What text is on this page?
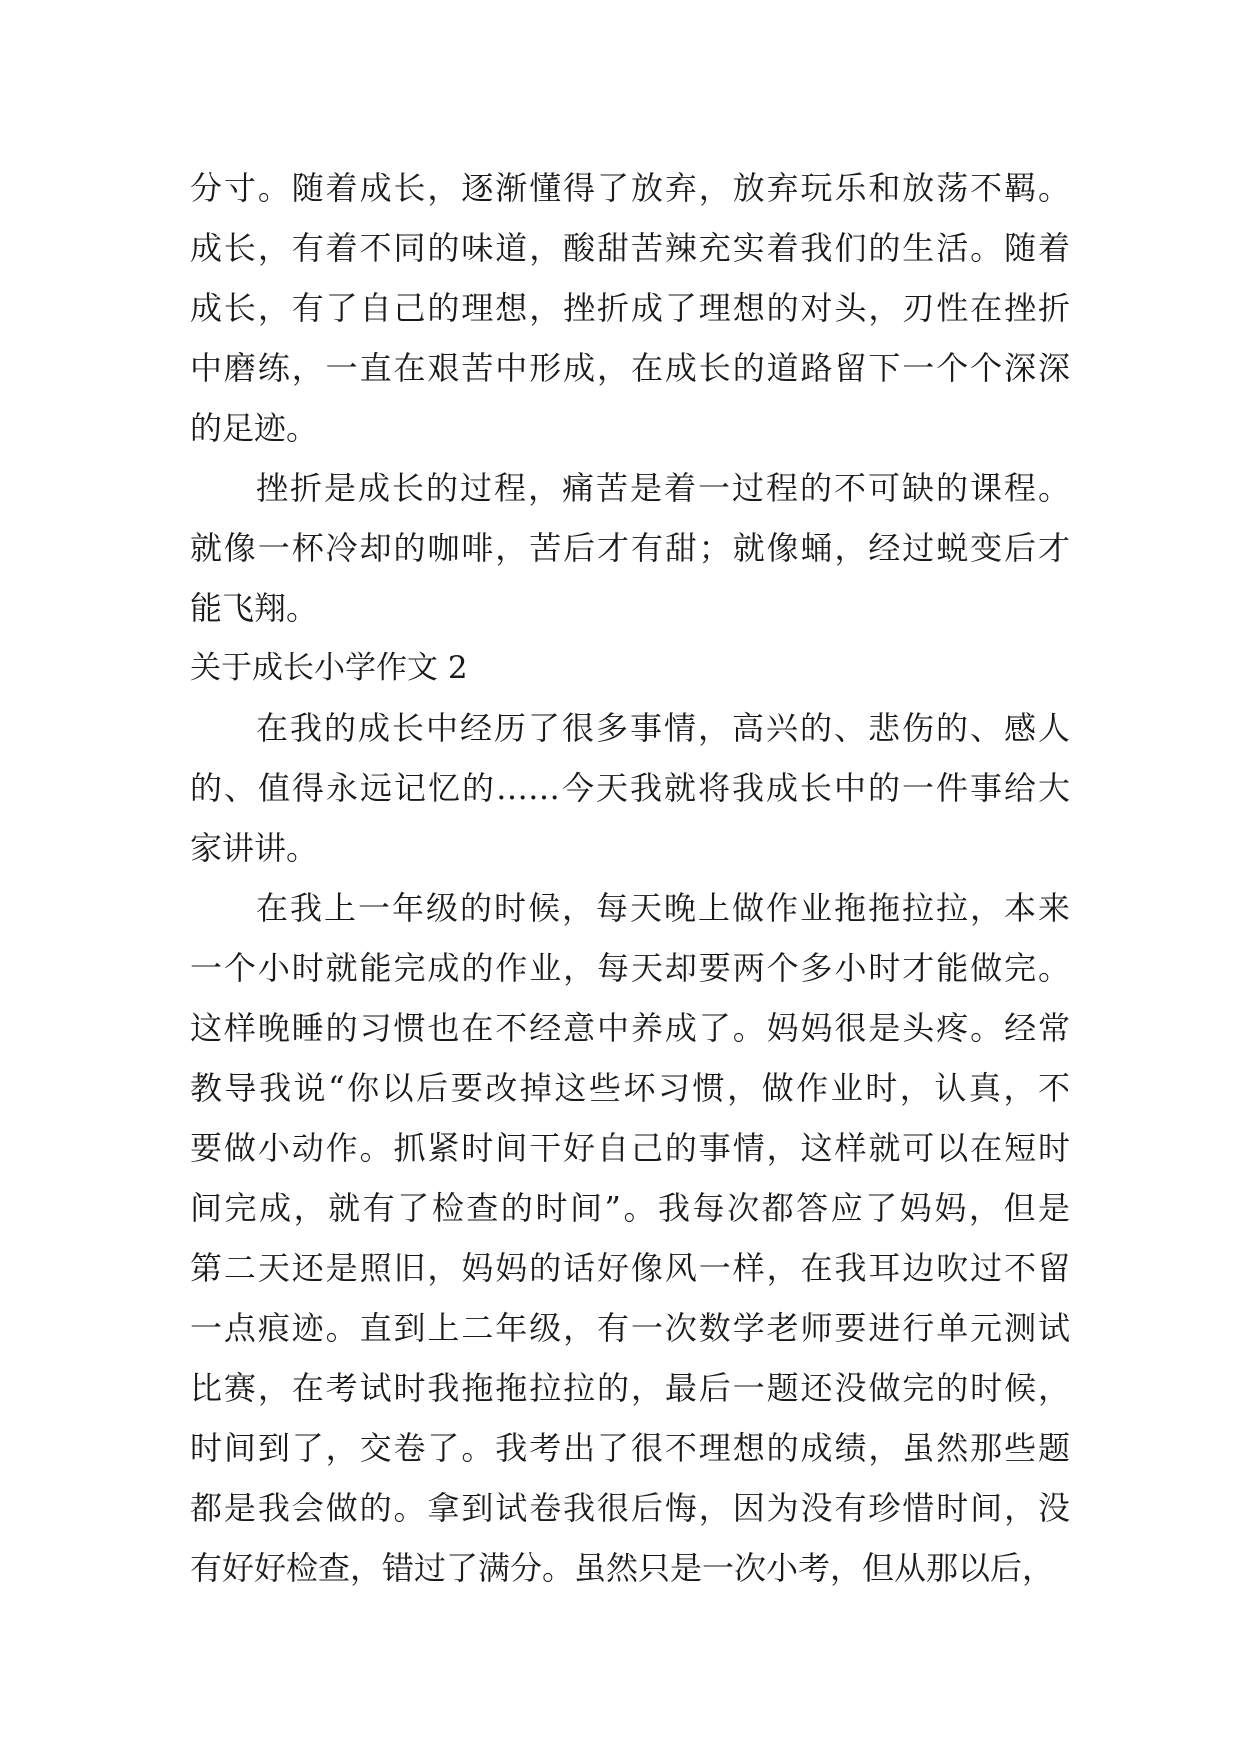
分寸。随着成长，逐渐懂得了放弃，放弃玩乐和放荡不羁。
成长，有着不同的味道，酸甜苦辣充实着我们的生活。随着
成长，有了自己的理想，挫折成了理想的对头，刃性在挫折
中磨练，一直在艰苦中形成，在成长的道路留下一个个深深
的足迹。
挫折是成长的过程，痛苦是着一过程的不可缺的课程。
就像一杯冷却的咖啡，苦后才有甜；就像蛹，经过蜕变后才
能飞翔。
关于成长小学作文 2
在我的成长中经历了很多事情，高兴的、悲伤的、感人
的、值得永远记忆的……今天我就将我成长中的一件事给大
家讲讲。
在我上一年级的时候，每天晚上做作业拖拖拉拉，本来
一个小时就能完成的作业，每天却要两个多小时才能做完。
这样晚睡的习惯也在不经意中养成了。妈妈很是头疼。经常
教导我说“你以后要改掉这些坏习惯，做作业时，认真，不
要做小动作。抓紧时间干好自己的事情，这样就可以在短时
间完成，就有了检查的时间”。我每次都答应了妈妈，但是
第二天还是照旧，妈妈的话好像风一样，在我耳边吹过不留
一点痕迹。直到上二年级，有一次数学老师要进行单元测试
比赛，在考试时我拖拖拉拉的，最后一题还没做完的时候，
时间到了，交卷了。我考出了很不理想的成绩，虽然那些题
都是我会做的。拿到试卷我很后悔，因为没有珍惜时间，没
有好好检查，错过了满分。虽然只是一次小考，但从那以后，
